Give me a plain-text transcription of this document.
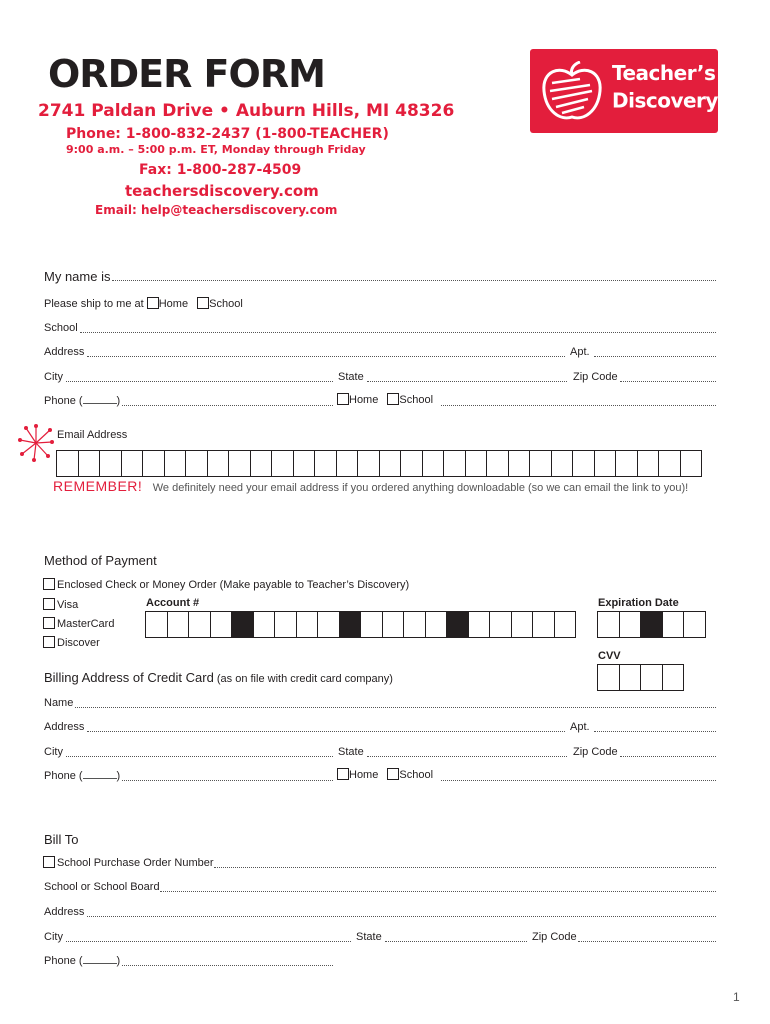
ORDER FORM
2741 Paldan Drive • Auburn Hills, MI 48326
Phone: 1-800-832-2437 (1-800-TEACHER)
9:00 a.m. – 5:00 p.m. ET, Monday through Friday
Fax: 1-800-287-4509
teachersdiscovery.com
Email: help@teachersdiscovery.com
Teacher’s
Discovery®
My name is
Please ship to me at Home School
School
Address	Apt.
City	State	Zip Code
Phone (	)	Home School
Email Address
REMEMBER! We definitely need your email address if you ordered anything downloadable (so we can email the link to you)!
Method of Payment
Enclosed Check or Money Order (Make payable to Teacher’s Discovery)
Visa
MasterCard
Discover
Account #	Expiration Date
CVV
Billing Address of Credit Card (as on file with credit card company)
Name
Address	Apt.
City	State	Zip Code
Phone (	)	Home School
Bill To
School Purchase Order Number
School or School Board
Address
City	State	Zip Code
Phone (	)
1
